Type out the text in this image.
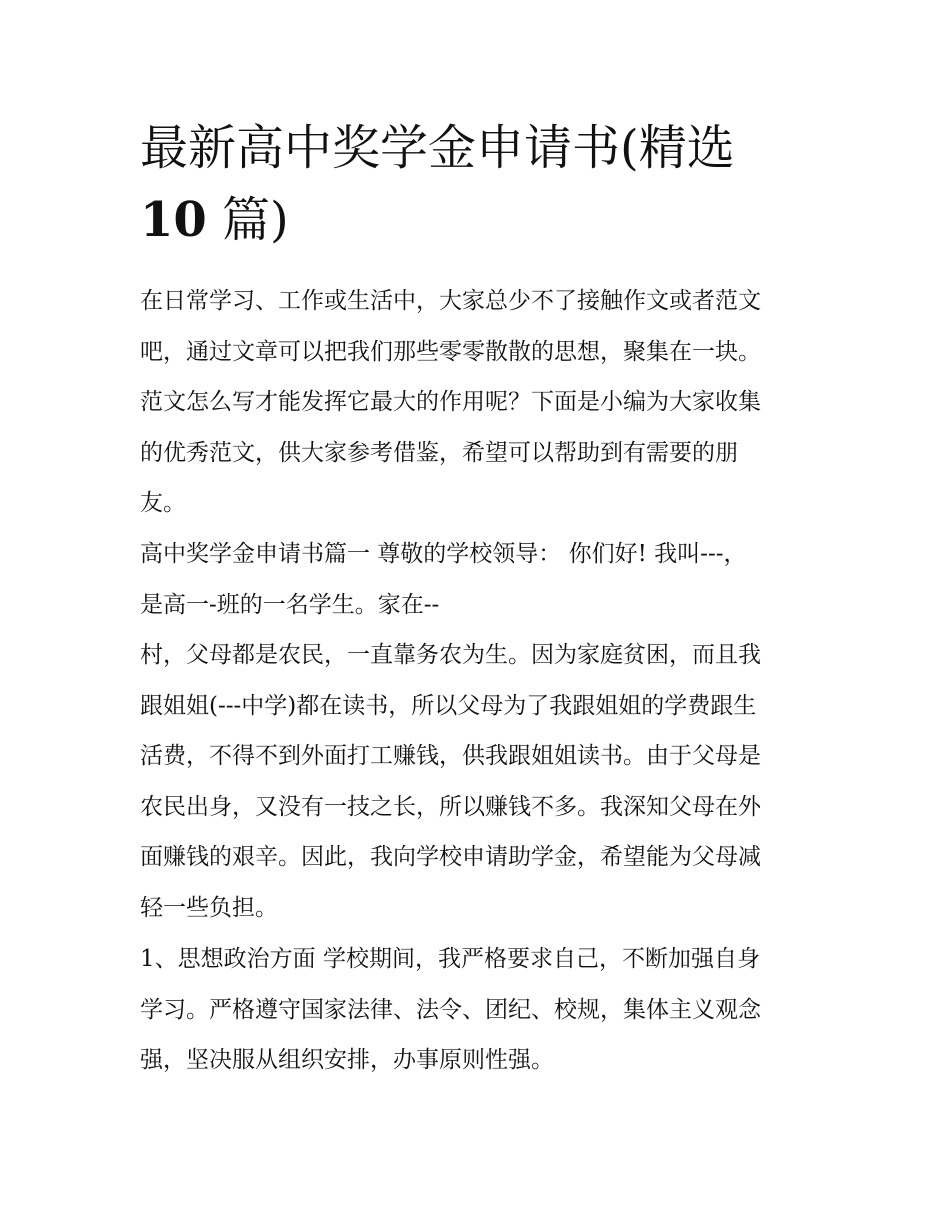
最新高中奖学金申请书(精选
10 篇)
在日常学习、工作或生活中，大家总少不了接触作文或者范文
吧，通过文章可以把我们那些零零散散的思想，聚集在一块。
范文怎么写才能发挥它最大的作用呢？下面是小编为大家收集
的优秀范文，供大家参考借鉴，希望可以帮助到有需要的朋
友。
高中奖学金申请书篇一 尊敬的学校领导： 你们好! 我叫---，
是高一-班的一名学生。家在--
村，父母都是农民，一直靠务农为生。因为家庭贫困，而且我
跟姐姐(---中学)都在读书，所以父母为了我跟姐姐的学费跟生
活费，不得不到外面打工赚钱，供我跟姐姐读书。由于父母是
农民出身，又没有一技之长，所以赚钱不多。我深知父母在外
面赚钱的艰辛。因此，我向学校申请助学金，希望能为父母减
轻一些负担。
1、思想政治方面 学校期间，我严格要求自己，不断加强自身
学习。严格遵守国家法律、法令、团纪、校规，集体主义观念
强，坚决服从组织安排，办事原则性强。
